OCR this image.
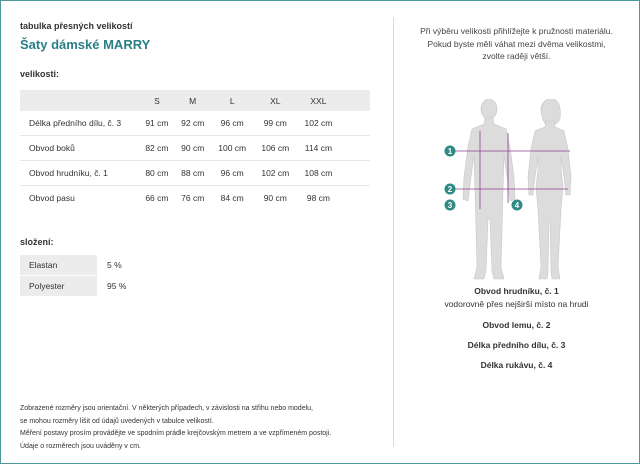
tabulka přesných velikostí
Šaty dámské MARRY
velikosti:
	S	M	L	XL	XXL	
Délka předního dílu, č. 3	91 cm	92 cm	96 cm	99 cm	102 cm	
Obvod boků	82 cm	90 cm	100 cm	106 cm	114 cm	
Obvod hrudníku, č. 1	80 cm	88 cm	96 cm	102 cm	108 cm	
Obvod pasu	66 cm	76 cm	84 cm	90 cm	98 cm	
složení:
Elastan	5 %
Polyester	95 %
Zobrazené rozměry jsou orientační. V některých případech, v závislosti na střihu nebo modelu,
se mohou rozměry lišit od údajů uvedených v tabulce velikostí.
Měření postavy prosím provádějte ve spodním prádle krejčovským metrem a ve vzpřímeném postoji.
Údaje o rozměrech jsou uváděny v cm.
Při výběru velikosti přihlížejte k pružnosti materiálu.
Pokud byste měli váhat mezi dvěma velikostmi,
zvolte raději větší.
1
2
3	4
Obvod hrudníku, č. 1
vodorovně přes nejširší místo na hrudi
Obvod lemu, č. 2
Délka předního dílu, č. 3
Délka rukávu, č. 4
